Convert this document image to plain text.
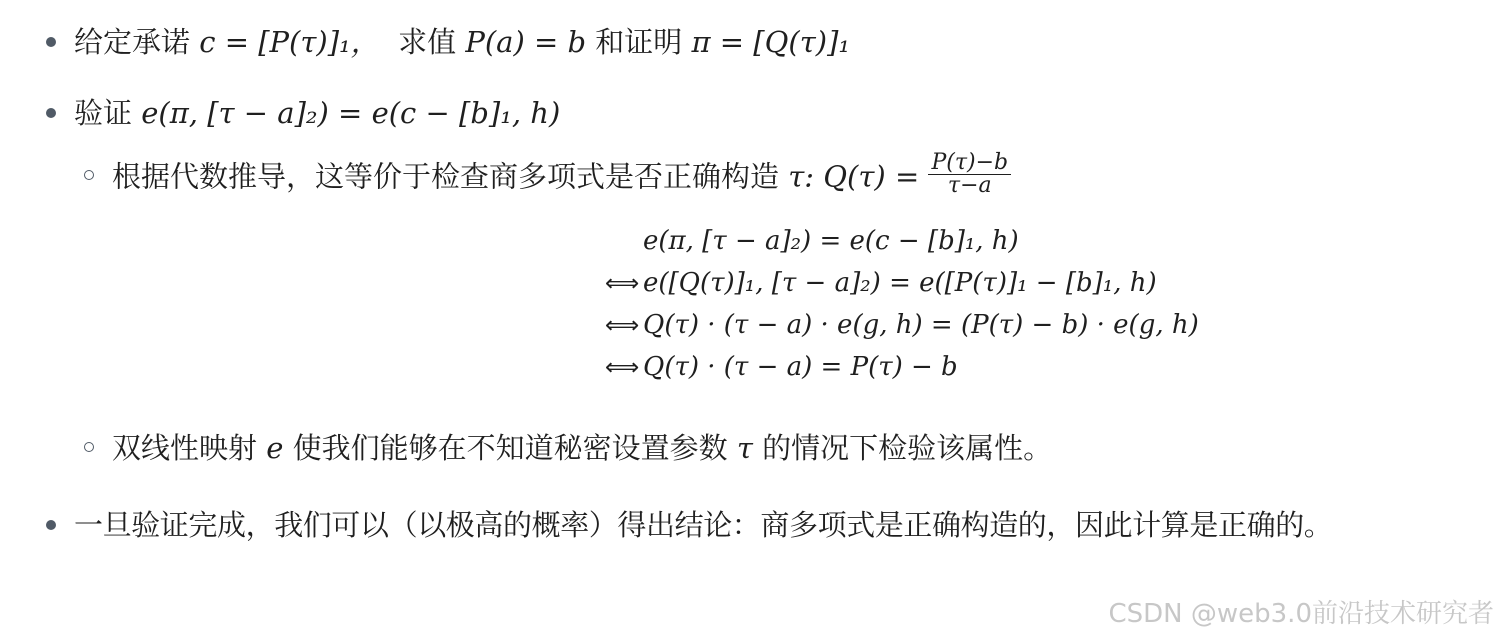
给定承诺 c = [P(τ)]₁， 求值 P(a) = b 和证明 π = [Q(τ)]₁
验证 e(π, [τ − a]₂) = e(c − [b]₁, h)
根据代数推导，这等价于检查商多项式是否正确构造 τ: $Q(\tau) = \frac{P(\tau)-b}{\tau-a}$
e(π, [τ − a]₂) = e(c − [b]₁, h)
⟺ e([Q(τ)]₁, [τ − a]₂) = e([P(τ)]₁ − [b]₁, h)
⟺ Q(τ) · (τ − a) · e(g, h) = (P(τ) − b) · e(g, h)
⟺ Q(τ) · (τ − a) = P(τ) − b
双线性映射 e 使我们能够在不知道秘密设置参数 τ 的情况下检验该属性。
一旦验证完成，我们可以（以极高的概率）得出结论：商多项式是正确构造的，因此计算是正确的。
CSDN @web3.0前沿技术研究者
